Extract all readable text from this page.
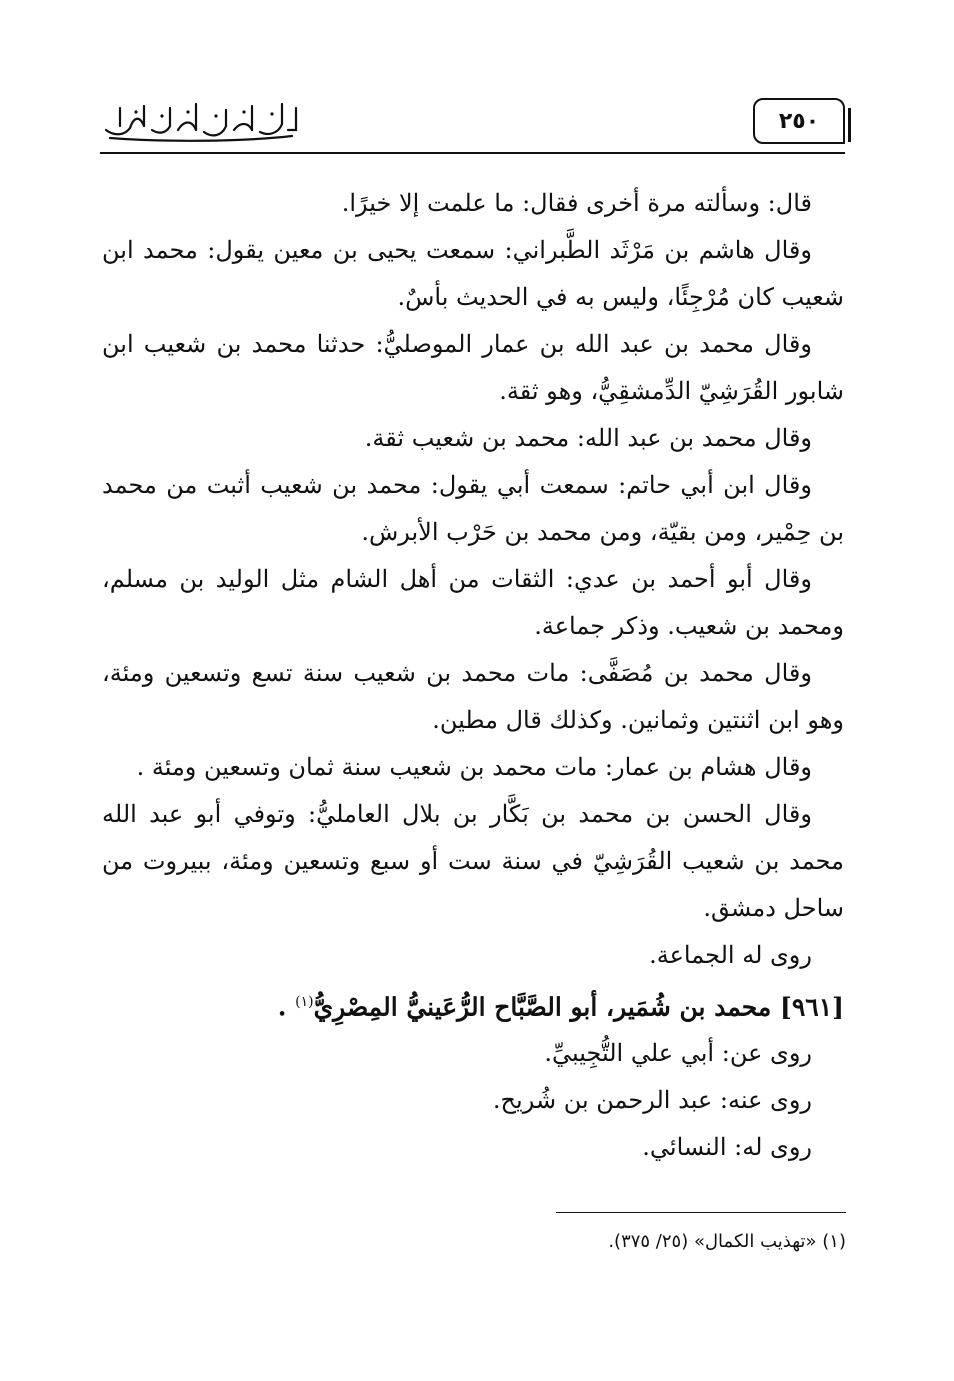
٢٥٠

قال: وسألته مرة أخرى فقال: ما علمت إلا خيرًا.

وقال هاشم بن مَرْثَد الطَّبراني: سمعت يحيى بن معين يقول: محمد ابن شعيب كان مُرْجِئًا، وليس به في الحديث بأسٌ.

وقال محمد بن عبد الله بن عمار الموصليُّ: حدثنا محمد بن شعيب ابن شابور القُرَشِيّ الدِّمشقِيُّ، وهو ثقة.

وقال محمد بن عبد الله: محمد بن شعيب ثقة.

وقال ابن أبي حاتم: سمعت أبي يقول: محمد بن شعيب أثبت من محمد بن حِمْير، ومن بقيّة، ومن محمد بن حَرْب الأبرش.

وقال أبو أحمد بن عدي: الثقات من أهل الشام مثل الوليد بن مسلم، ومحمد بن شعيب. وذكر جماعة.

وقال محمد بن مُصَفَّى: مات محمد بن شعيب سنة تسع وتسعين ومئة، وهو ابن اثنتين وثمانين. وكذلك قال مطين.

وقال هشام بن عمار: مات محمد بن شعيب سنة ثمان وتسعين ومئة .

وقال الحسن بن محمد بن بَكَّار بن بلال العامليُّ: وتوفي أبو عبد الله محمد بن شعيب القُرَشِيّ في سنة ست أو سبع وتسعين ومئة، ببيروت من ساحل دمشق.

روى له الجماعة.

[٩٦١] محمد بن شُمَير، أبو الصَّبَّاح الرُّعَينيُّ المِصْرِيُّ$^{(١)}$ .

روى عن: أبي علي التُّجِيبيِّ.

روى عنه: عبد الرحمن بن شُريح.

روى له: النسائي.

(١) «تهذيب الكمال» (٢٥/ ٣٧٥).
